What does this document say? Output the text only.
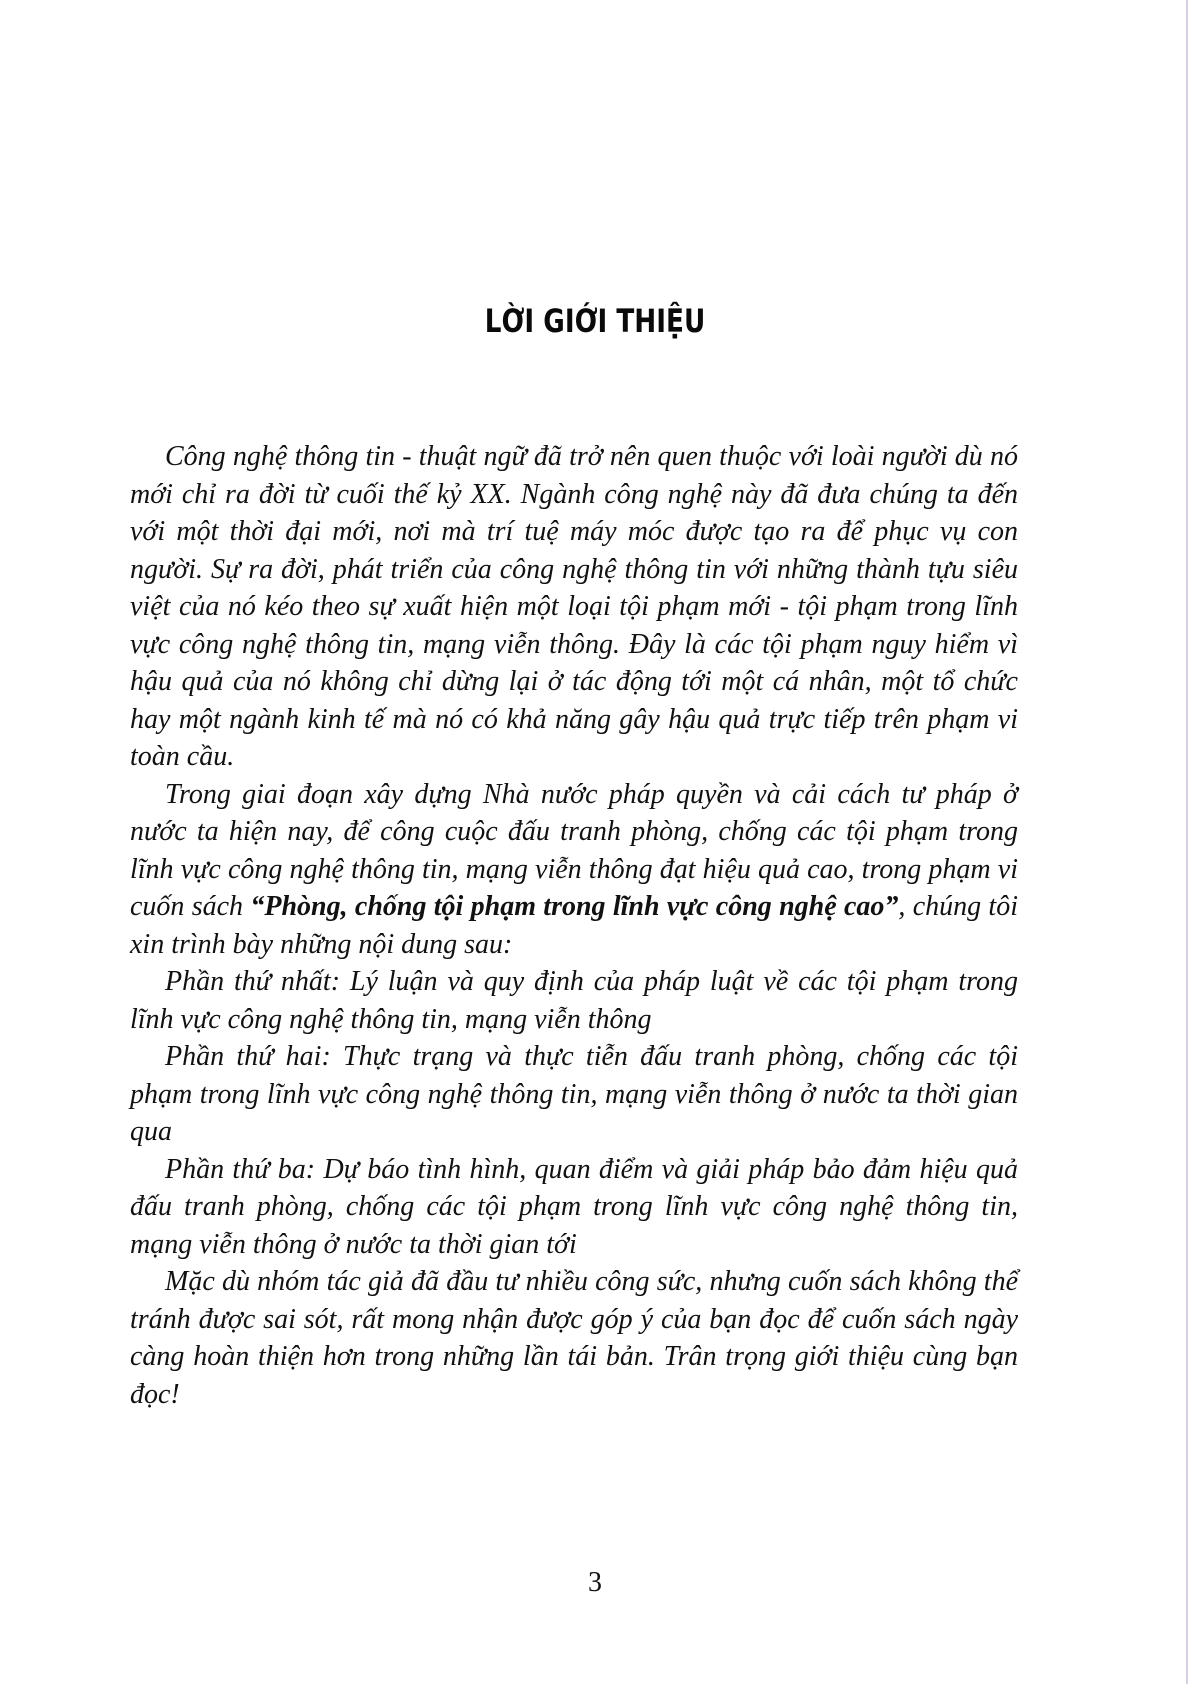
LỜI GIỚI THIỆU

Công nghệ thông tin - thuật ngữ đã trở nên quen thuộc với loài người dù nó mới chỉ ra đời từ cuối thế kỷ XX. Ngành công nghệ này đã đưa chúng ta đến với một thời đại mới, nơi mà trí tuệ máy móc được tạo ra để phục vụ con người. Sự ra đời, phát triển của công nghệ thông tin với những thành tựu siêu việt của nó kéo theo sự xuất hiện một loại tội phạm mới - tội phạm trong lĩnh vực công nghệ thông tin, mạng viễn thông. Đây là các tội phạm nguy hiểm vì hậu quả của nó không chỉ dừng lại ở tác động tới một cá nhân, một tổ chức hay một ngành kinh tế mà nó có khả năng gây hậu quả trực tiếp trên phạm vi toàn cầu.

Trong giai đoạn xây dựng Nhà nước pháp quyền và cải cách tư pháp ở nước ta hiện nay, để công cuộc đấu tranh phòng, chống các tội phạm trong lĩnh vực công nghệ thông tin, mạng viễn thông đạt hiệu quả cao, trong phạm vi cuốn sách “Phòng, chống tội phạm trong lĩnh vực công nghệ cao”, chúng tôi xin trình bày những nội dung sau:

Phần thứ nhất: Lý luận và quy định của pháp luật về các tội phạm trong lĩnh vực công nghệ thông tin, mạng viễn thông

Phần thứ hai: Thực trạng và thực tiễn đấu tranh phòng, chống các tội phạm trong lĩnh vực công nghệ thông tin, mạng viễn thông ở nước ta thời gian qua

Phần thứ ba: Dự báo tình hình, quan điểm và giải pháp bảo đảm hiệu quả đấu tranh phòng, chống các tội phạm trong lĩnh vực công nghệ thông tin, mạng viễn thông ở nước ta thời gian tới

Mặc dù nhóm tác giả đã đầu tư nhiều công sức, nhưng cuốn sách không thể tránh được sai sót, rất mong nhận được góp ý của bạn đọc để cuốn sách ngày càng hoàn thiện hơn trong những lần tái bản. Trân trọng giới thiệu cùng bạn đọc!

3
